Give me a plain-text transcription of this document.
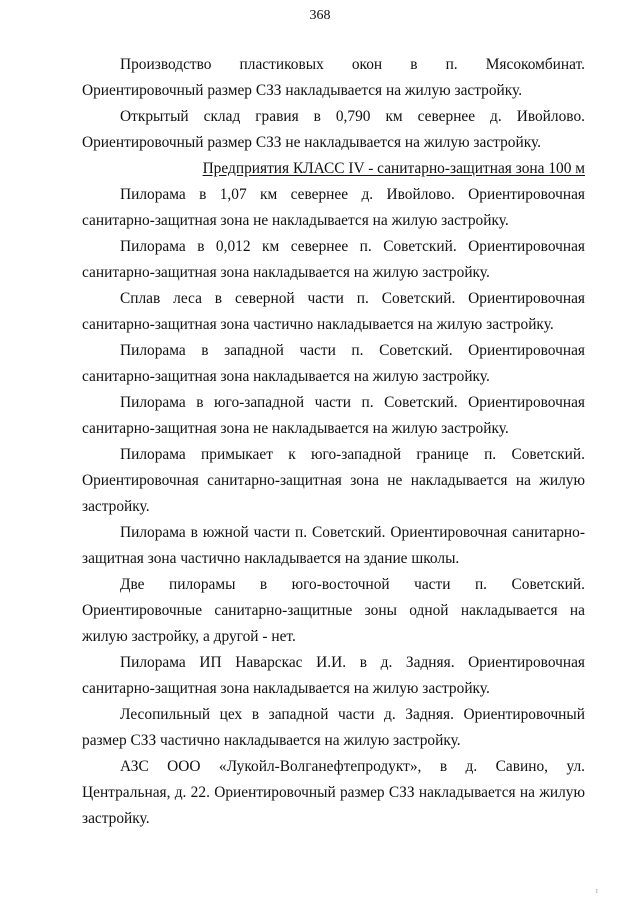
368

Производство пластиковых окон в п. Мясокомбинат. Ориентировочный размер СЗЗ накладывается на жилую застройку.

Открытый склад гравия в 0,790 км севернее д. Ивойлово. Ориентировочный размер СЗЗ не накладывается на жилую застройку.

Предприятия КЛАСС IV - санитарно-защитная зона 100 м

Пилорама в 1,07 км севернее д. Ивойлово. Ориентировочная санитарно-защитная зона не накладывается на жилую застройку.

Пилорама в 0,012 км севернее п. Советский. Ориентировочная санитарно-защитная зона накладывается на жилую застройку.

Сплав леса в северной части п. Советский. Ориентировочная санитарно-защитная зона частично накладывается на жилую застройку.

Пилорама в западной части п. Советский. Ориентировочная санитарно-защитная зона накладывается на жилую застройку.

Пилорама в юго-западной части п. Советский. Ориентировочная санитарно-защитная зона не накладывается на жилую застройку.

Пилорама примыкает к юго-западной границе п. Советский. Ориентировочная санитарно-защитная зона не накладывается на жилую застройку.

Пилорама в южной части п. Советский. Ориентировочная санитарно-защитная зона частично накладывается на здание школы.

Две пилорамы в юго-восточной части п. Советский. Ориентировочные санитарно-защитные зоны одной накладывается на жилую застройку, а другой - нет.

Пилорама ИП Наварскас И.И. в д. Задняя. Ориентировочная санитарно-защитная зона накладывается на жилую застройку.

Лесопильный цех в западной части д. Задняя. Ориентировочный размер СЗЗ частично накладывается на жилую застройку.

АЗС ООО «Лукойл-Волганефтепродукт», в д. Савино, ул. Центральная, д. 22. Ориентировочный размер СЗЗ накладывается на жилую застройку.

ı
